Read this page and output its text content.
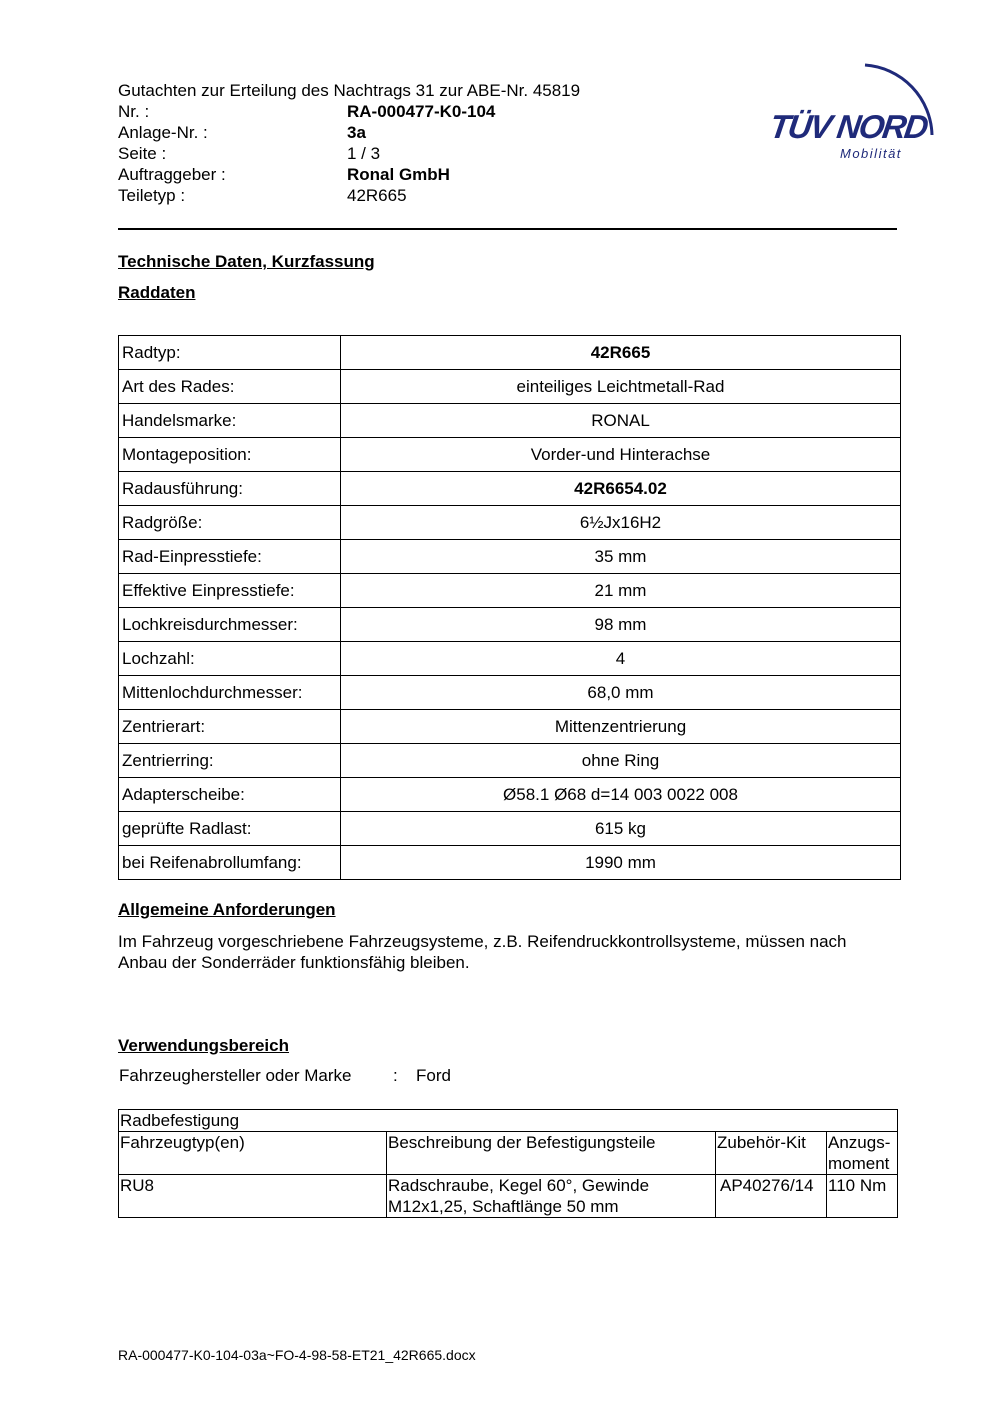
Gutachten zur Erteilung des Nachtrags 31 zur ABE-Nr. 45819
Nr. :	RA-000477-K0-104
Anlage-Nr. :	3a
Seite :	1 / 3
Auftraggeber :	Ronal GmbH
Teiletyp :	42R665
TÜV NORD
Mobilität
Technische Daten, Kurzfassung
Raddaten
Radtyp:	42R665
Art des Rades:	einteiliges Leichtmetall-Rad
Handelsmarke:	RONAL
Montageposition:	Vorder-und Hinterachse
Radausführung:	42R6654.02
Radgröße:	6½Jx16H2
Rad-Einpresstiefe:	35 mm
Effektive Einpresstiefe:	21 mm
Lochkreisdurchmesser:	98 mm
Lochzahl:	4
Mittenlochdurchmesser:	68,0 mm
Zentrierart:	Mittenzentrierung
Zentrierring:	ohne Ring
Adapterscheibe:	Ø58.1 Ø68 d=14 003 0022 008
geprüfte Radlast:	615 kg
bei Reifenabrollumfang:	1990 mm
Allgemeine Anforderungen
Im Fahrzeug vorgeschriebene Fahrzeugsysteme, z.B. Reifendruckkontrollsysteme, müssen nach Anbau der Sonderräder funktionsfähig bleiben.
Verwendungsbereich
Fahrzeughersteller oder Marke	:	Ford
Radbefestigung			
Fahrzeugtyp(en)	Beschreibung der Befestigungsteile	Zubehör-Kit	Anzugs-moment
RU8	Radschraube, Kegel 60°, Gewinde M12x1,25, Schaftlänge 50 mm	AP40276/14	110 Nm
RA-000477-K0-104-03a~FO-4-98-58-ET21_42R665.docx
